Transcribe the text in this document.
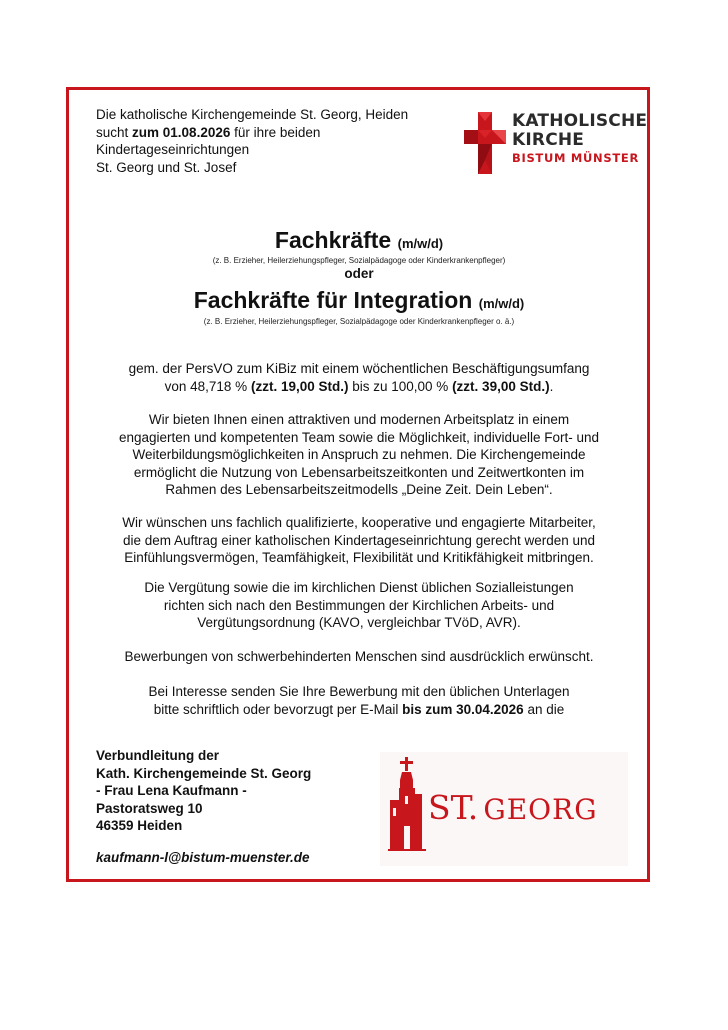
Die katholische Kirchengemeinde St. Georg, Heiden
sucht zum 01.08.2026 für ihre beiden
Kindertageseinrichtungen
St. Georg und St. Josef
KATHOLISCHE
KIRCHE
BISTUM MÜNSTER
Fachkräfte (m/w/d)
(z. B. Erzieher, Heilerziehungspfleger, Sozialpädagoge oder Kinderkrankenpfleger)
oder
Fachkräfte für Integration (m/w/d)
(z. B. Erzieher, Heilerziehungspfleger, Sozialpädagoge oder Kinderkrankenpfleger o. ä.)
gem. der PersVO zum KiBiz mit einem wöchentlichen Beschäftigungsumfang
von 48,718 % (zzt. 19,00 Std.) bis zu 100,00 % (zzt. 39,00 Std.).
Wir bieten Ihnen einen attraktiven und modernen Arbeitsplatz in einem
engagierten und kompetenten Team sowie die Möglichkeit, individuelle Fort- und
Weiterbildungsmöglichkeiten in Anspruch zu nehmen. Die Kirchengemeinde
ermöglicht die Nutzung von Lebensarbeitszeitkonten und Zeitwertkonten im
Rahmen des Lebensarbeitszeitmodells „Deine Zeit. Dein Leben“.
Wir wünschen uns fachlich qualifizierte, kooperative und engagierte Mitarbeiter,
die dem Auftrag einer katholischen Kindertageseinrichtung gerecht werden und
Einfühlungsvermögen, Teamfähigkeit, Flexibilität und Kritikfähigkeit mitbringen.
Die Vergütung sowie die im kirchlichen Dienst üblichen Sozialleistungen
richten sich nach den Bestimmungen der Kirchlichen Arbeits- und
Vergütungsordnung (KAVO, vergleichbar TVöD, AVR).
Bewerbungen von schwerbehinderten Menschen sind ausdrücklich erwünscht.
Bei Interesse senden Sie Ihre Bewerbung mit den üblichen Unterlagen
bitte schriftlich oder bevorzugt per E-Mail bis zum 30.04.2026 an die
Verbundleitung der
Kath. Kirchengemeinde St. Georg
- Frau Lena Kaufmann -
Pastoratsweg 10
46359 Heiden
kaufmann-l@bistum-muenster.de
ST. GEORG
